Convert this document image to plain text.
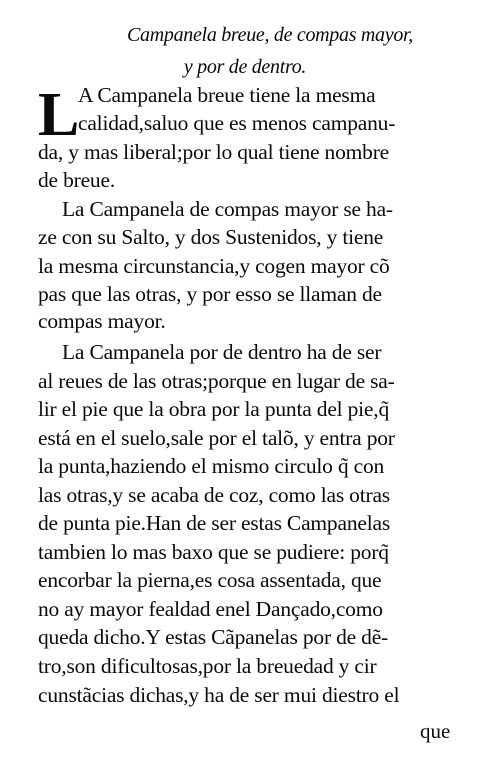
Campanela breue, de compas mayor,
y por de dentro.
L
A Campanela breue tiene la mesma
calidad,saluo que es menos campanu-
da, y mas liberal;por lo qual tiene nombre
de breue.
La Campanela de compas mayor se ha-
ze con su Salto, y dos Sustenidos, y tiene
la mesma circunstancia,y cogen mayor cõ
pas que las otras, y por esso se llaman de
compas mayor.
La Campanela por de dentro ha de ser
al reues de las otras;porque en lugar de sa-
lir el pie que la obra por la punta del pie,q̃
está en el suelo,sale por el talõ, y entra por
la punta,haziendo el mismo circulo q̃ con
las otras,y se acaba de coz, como las otras
de punta pie.Han de ser estas Campanelas
tambien lo mas baxo que se pudiere: porq̃
encorbar la pierna,es cosa assentada, que
no ay mayor fealdad enel Dançado,como
queda dicho.Y estas Cãpanelas por de dẽ-
tro,son dificultosas,por la breuedad y cir
cunstãcias dichas,y ha de ser mui diestro el
que
